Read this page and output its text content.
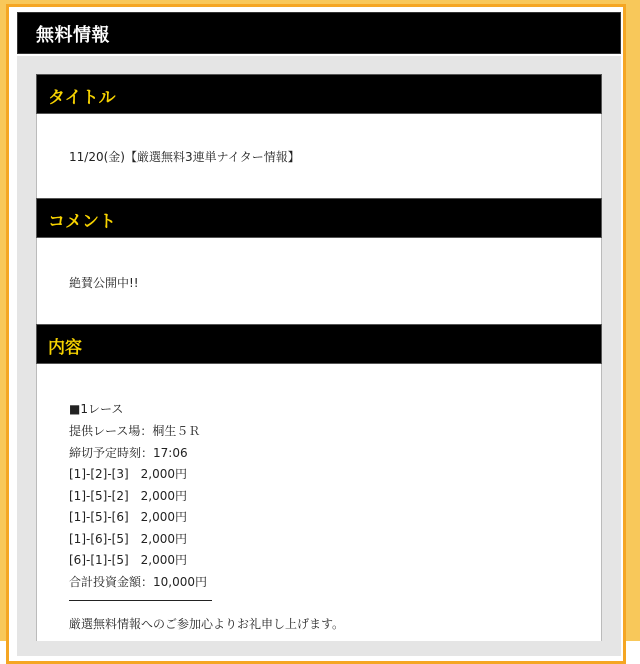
無料情報
タイトル
11/20(金)【厳選無料3連単ナイター情報】
コメント
絶賛公開中!!
内容
■1レース
提供レース場：桐生５Ｒ
締切予定時刻：17:06
[1]-[2]-[3]　2,000円
[1]-[5]-[2]　2,000円
[1]-[5]-[6]　2,000円
[1]-[6]-[5]　2,000円
[6]-[1]-[5]　2,000円
合計投資金額：10,000円
厳選無料情報へのご参加心よりお礼申し上げます。
